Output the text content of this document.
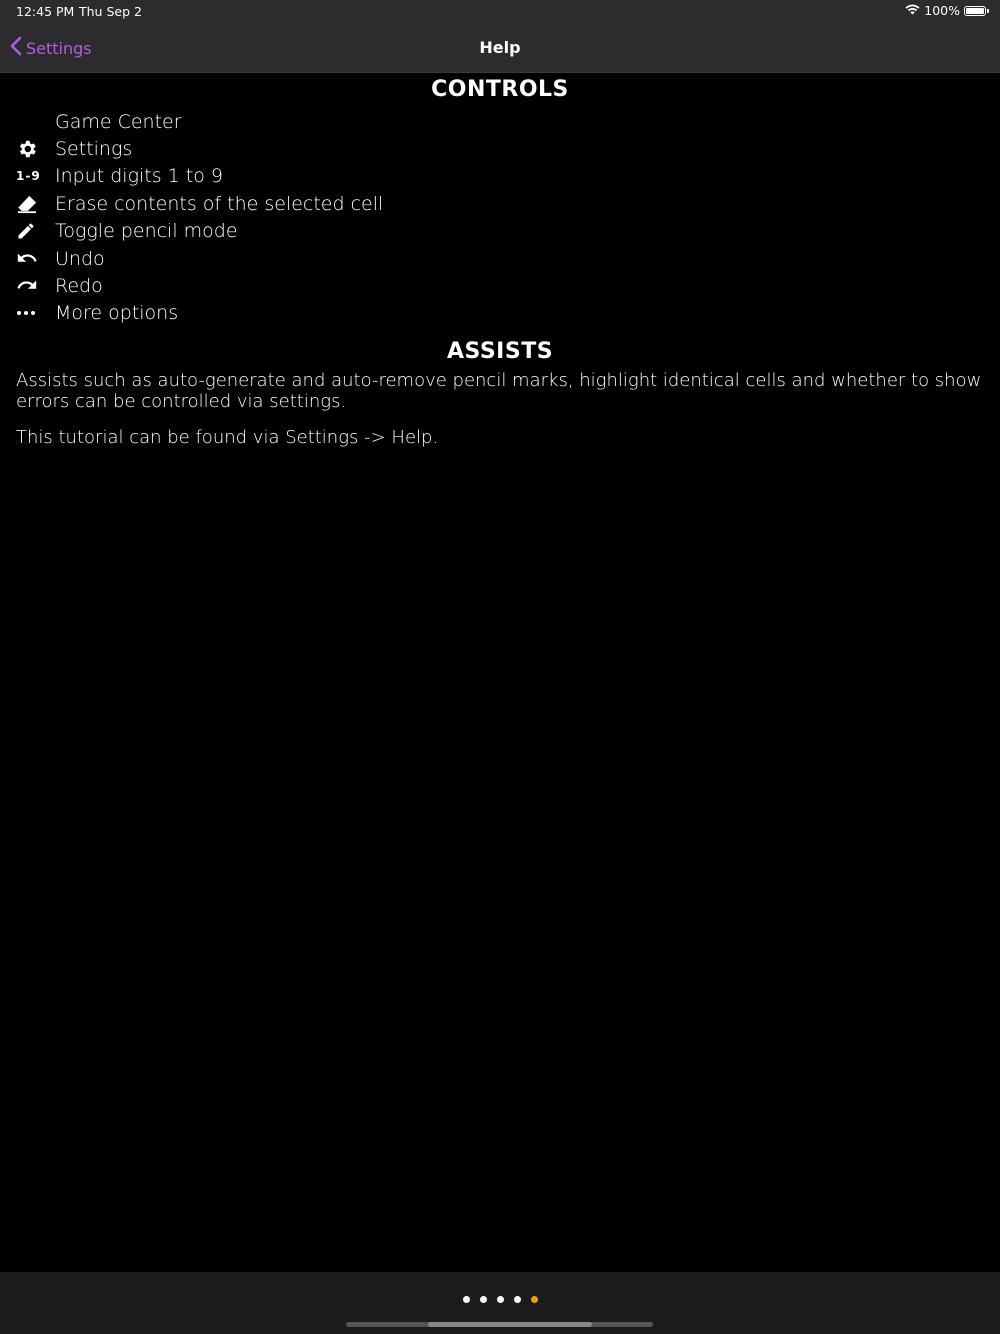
12:45 PM Thu Sep 2	100%
Settings	Help
CONTROLS
Game Center
Settings
1-9 Input digits 1 to 9
Erase contents of the selected cell
Toggle pencil mode
Undo
Redo
More options
ASSISTS

Assists such as auto-generate and auto-remove pencil marks, highlight identical cells and whether to show errors can be controlled via settings.

This tutorial can be found via Settings -> Help.
